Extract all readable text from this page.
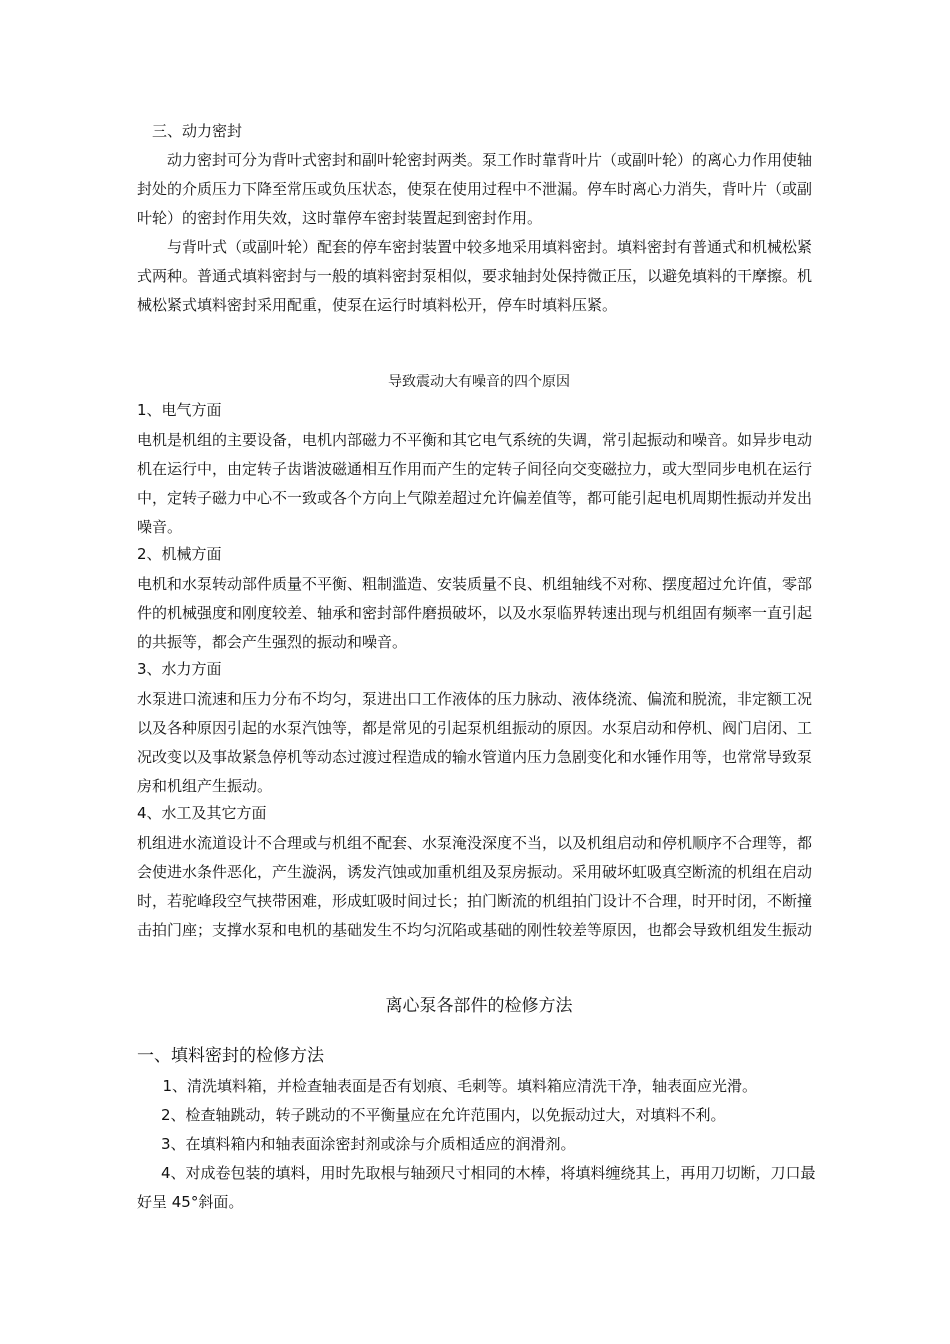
三、动力密封
动力密封可分为背叶式密封和副叶轮密封两类。泵工作时靠背叶片（或副叶轮）的离心力作用使轴封处的介质压力下降至常压或负压状态，使泵在使用过程中不泄漏。停车时离心力消失，背叶片（或副叶轮）的密封作用失效，这时靠停车密封装置起到密封作用。
与背叶式（或副叶轮）配套的停车密封装置中较多地采用填料密封。填料密封有普通式和机械松紧式两种。普通式填料密封与一般的填料密封泵相似，要求轴封处保持微正压，以避免填料的干摩擦。机械松紧式填料密封采用配重，使泵在运行时填料松开，停车时填料压紧。
导致震动大有噪音的四个原因
1、电气方面
电机是机组的主要设备，电机内部磁力不平衡和其它电气系统的失调，常引起振动和噪音。如异步电动机在运行中，由定转子齿谐波磁通相互作用而产生的定转子间径向交变磁拉力，或大型同步电机在运行中，定转子磁力中心不一致或各个方向上气隙差超过允许偏差值等，都可能引起电机周期性振动并发出噪音。
2、机械方面
电机和水泵转动部件质量不平衡、粗制滥造、安装质量不良、机组轴线不对称、摆度超过允许值，零部件的机械强度和刚度较差、轴承和密封部件磨损破坏，以及水泵临界转速出现与机组固有频率一直引起的共振等，都会产生强烈的振动和噪音。
3、水力方面
水泵进口流速和压力分布不均匀，泵进出口工作液体的压力脉动、液体绕流、偏流和脱流，非定额工况以及各种原因引起的水泵汽蚀等，都是常见的引起泵机组振动的原因。水泵启动和停机、阀门启闭、工况改变以及事故紧急停机等动态过渡过程造成的输水管道内压力急剧变化和水锤作用等，也常常导致泵房和机组产生振动。
4、水工及其它方面
机组进水流道设计不合理或与机组不配套、水泵淹没深度不当，以及机组启动和停机顺序不合理等，都会使进水条件恶化，产生漩涡，诱发汽蚀或加重机组及泵房振动。采用破坏虹吸真空断流的机组在启动时，若驼峰段空气挟带困难，形成虹吸时间过长；拍门断流的机组拍门设计不合理，时开时闭，不断撞击拍门座；支撑水泵和电机的基础发生不均匀沉陷或基础的刚性较差等原因，也都会导致机组发生振动
离心泵各部件的检修方法
一、填料密封的检修方法
1、清洗填料箱，并检查轴表面是否有划痕、毛刺等。填料箱应清洗干净，轴表面应光滑。
2、检查轴跳动，转子跳动的不平衡量应在允许范围内，以免振动过大，对填料不利。
3、在填料箱内和轴表面涂密封剂或涂与介质相适应的润滑剂。
4、对成卷包装的填料，用时先取根与轴颈尺寸相同的木棒，将填料缠绕其上，再用刀切断，刀口最好呈 45°斜面。
